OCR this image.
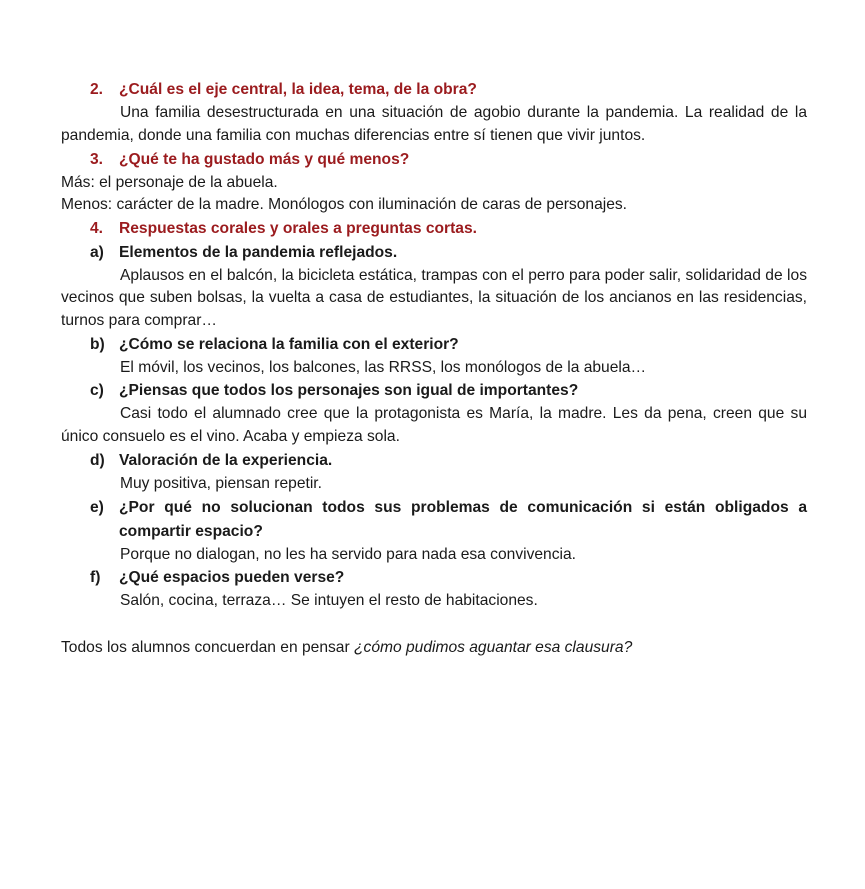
2.	¿Cuál es el eje central, la idea, tema, de la obra?
Una familia desestructurada en una situación de agobio durante la pandemia. La realidad de la pandemia, donde una familia con muchas diferencias entre sí tienen que vivir juntos.
3.	¿Qué te ha gustado más y qué menos?
Más: el personaje de la abuela.
Menos: carácter de la madre. Monólogos con iluminación de caras de personajes.
4.	Respuestas corales y orales a preguntas cortas.
a) Elementos de la pandemia reflejados.
Aplausos en el balcón, la bicicleta estática, trampas con el perro para poder salir, solidaridad de los vecinos que suben bolsas, la vuelta a casa de estudiantes, la situación de los ancianos en las residencias, turnos para comprar…
b) ¿Cómo se relaciona la familia con el exterior?
El móvil, los vecinos, los balcones, las RRSS, los monólogos de la abuela…
c) ¿Piensas que todos los personajes son igual de importantes?
Casi todo el alumnado cree que la protagonista es María, la madre. Les da pena, creen que su único consuelo es el vino. Acaba y empieza sola.
d) Valoración de la experiencia.
Muy positiva, piensan repetir.
e) ¿Por qué no solucionan todos sus problemas de comunicación si están obligados a compartir espacio?
Porque no dialogan, no les ha servido para nada esa convivencia.
f)	¿Qué espacios pueden verse?
Salón, cocina, terraza… Se intuyen el resto de habitaciones.
Todos los alumnos concuerdan en pensar ¿cómo pudimos aguantar esa clausura?
